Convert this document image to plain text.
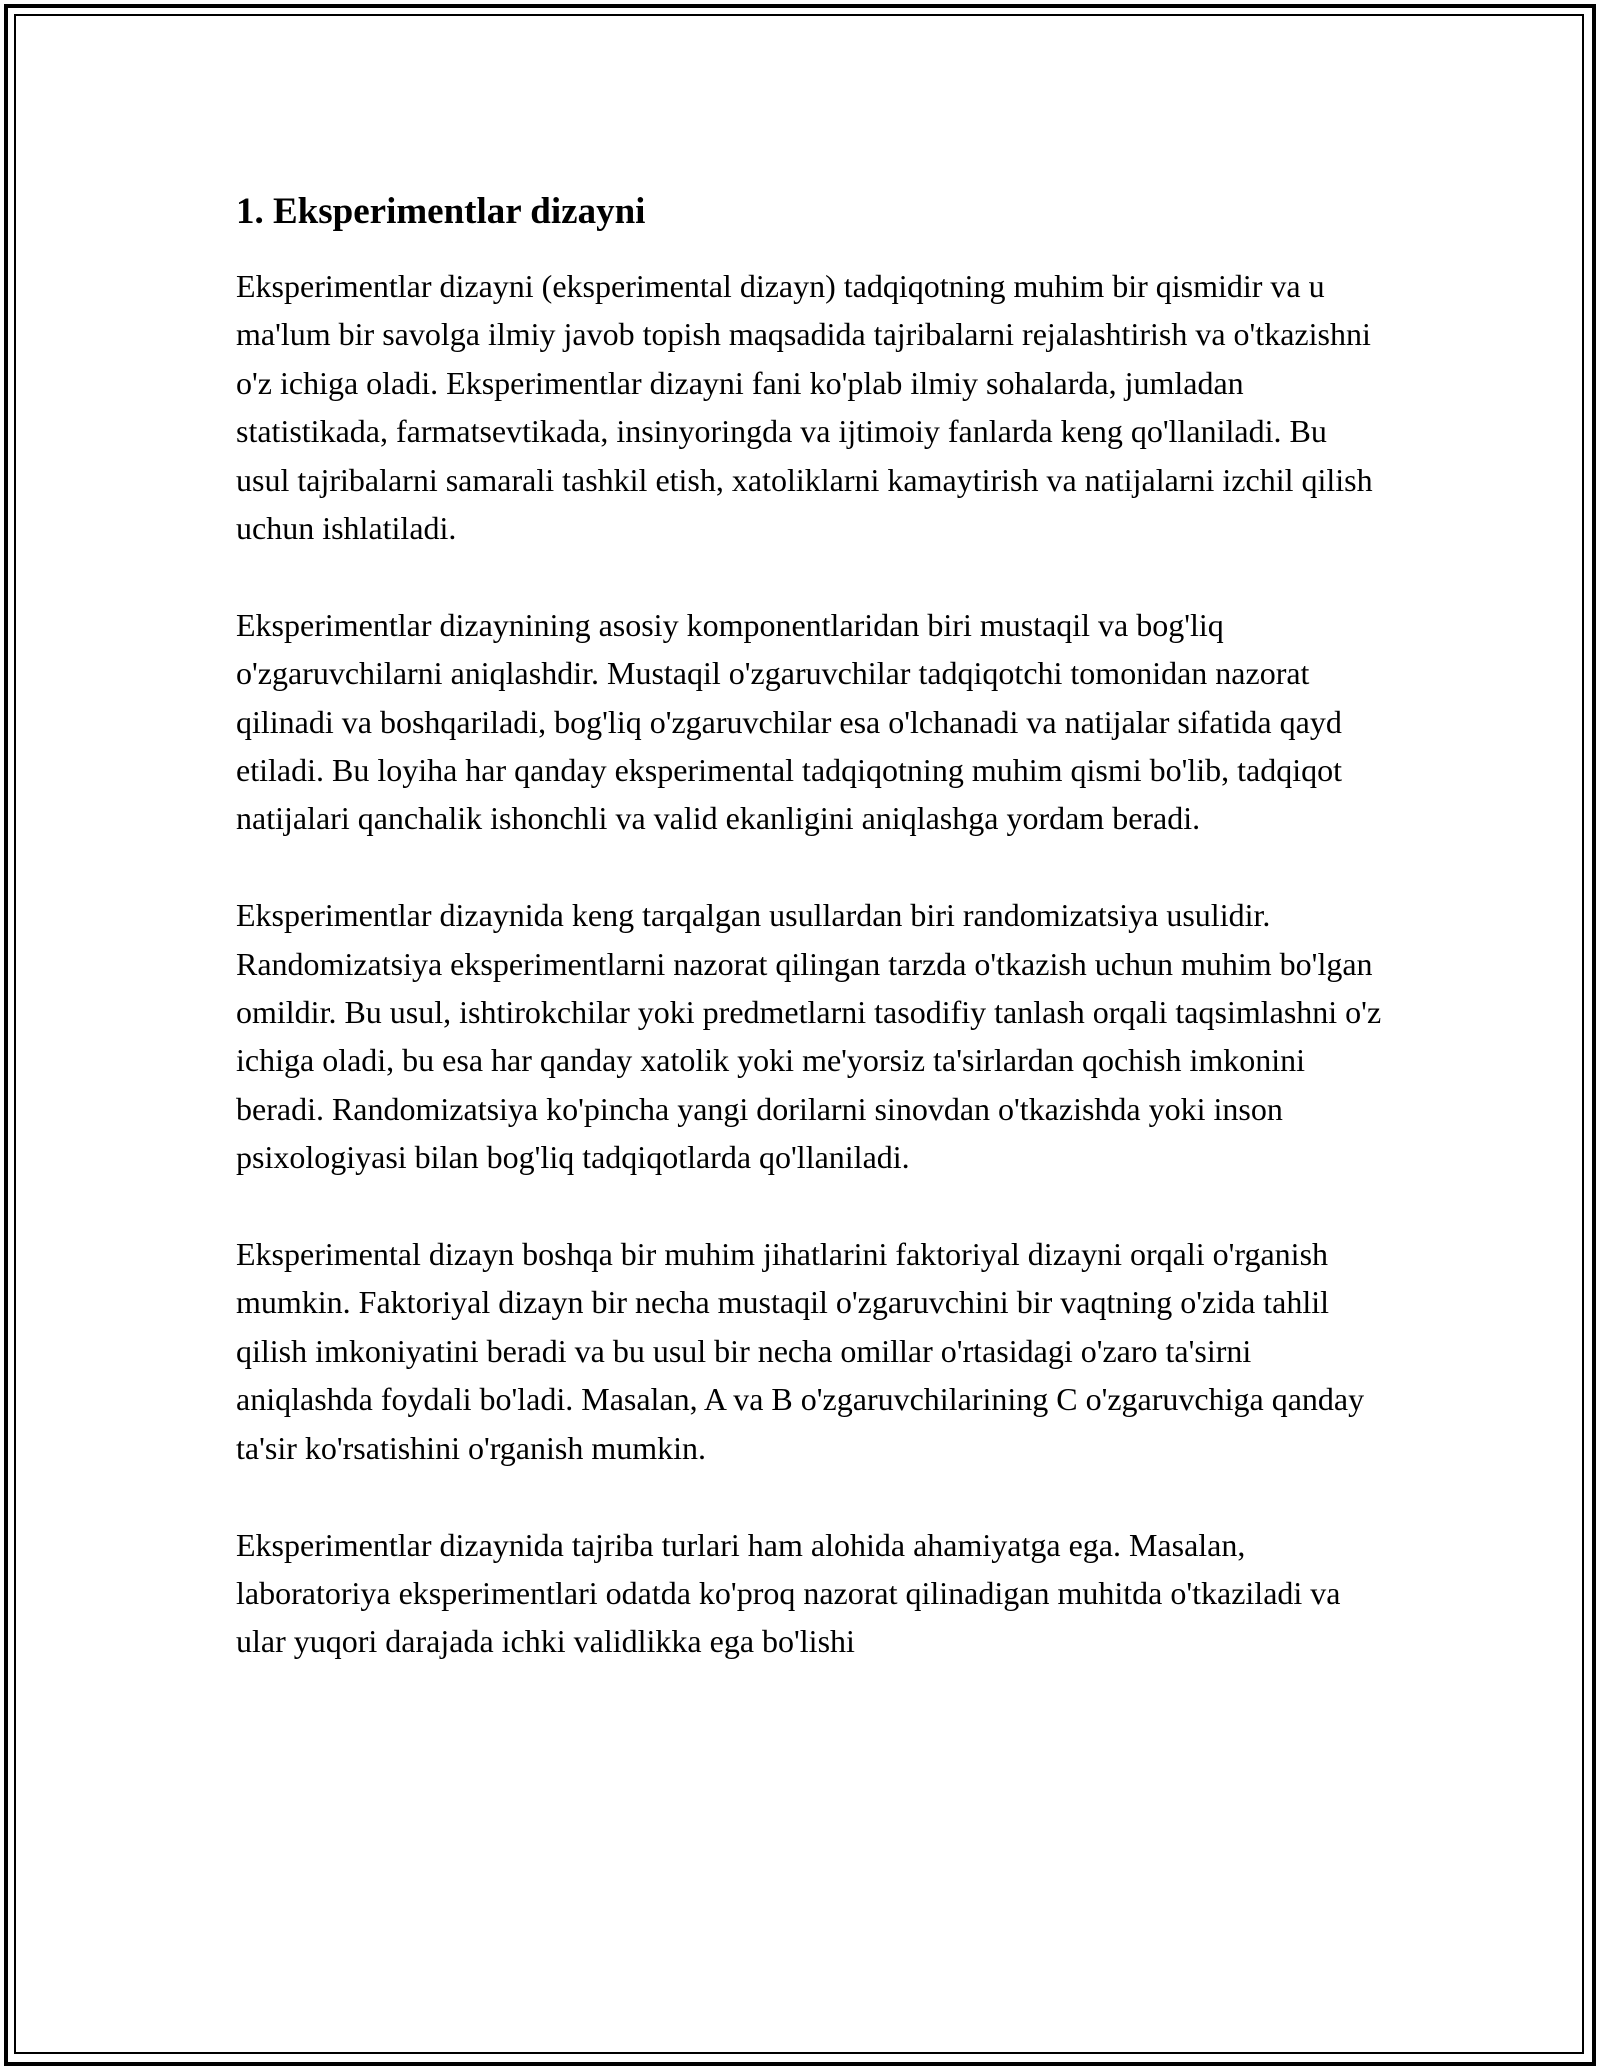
1. Eksperimentlar dizayni

Eksperimentlar dizayni (eksperimental dizayn) tadqiqotning muhim bir qismidir va u ma'lum bir savolga ilmiy javob topish maqsadida tajribalarni rejalashtirish va o'tkazishni o'z ichiga oladi. Eksperimentlar dizayni fani ko'plab ilmiy sohalarda, jumladan statistikada, farmatsevtikada, insinyoringda va ijtimoiy fanlarda keng qo'llaniladi. Bu usul tajribalarni samarali tashkil etish, xatoliklarni kamaytirish va natijalarni izchil qilish uchun ishlatiladi.

Eksperimentlar dizaynining asosiy komponentlaridan biri mustaqil va bog'liq o'zgaruvchilarni aniqlashdir. Mustaqil o'zgaruvchilar tadqiqotchi tomonidan nazorat qilinadi va boshqariladi, bog'liq o'zgaruvchilar esa o'lchanadi va natijalar sifatida qayd etiladi. Bu loyiha har qanday eksperimental tadqiqotning muhim qismi bo'lib, tadqiqot natijalari qanchalik ishonchli va valid ekanligini aniqlashga yordam beradi.

Eksperimentlar dizaynida keng tarqalgan usullardan biri randomizatsiya usulidir. Randomizatsiya eksperimentlarni nazorat qilingan tarzda o'tkazish uchun muhim bo'lgan omildir. Bu usul, ishtirokchilar yoki predmetlarni tasodifiy tanlash orqali taqsimlashni o'z ichiga oladi, bu esa har qanday xatolik yoki me'yorsiz ta'sirlardan qochish imkonini beradi. Randomizatsiya ko'pincha yangi dorilarni sinovdan o'tkazishda yoki inson psixologiyasi bilan bog'liq tadqiqotlarda qo'llaniladi.

Eksperimental dizayn boshqa bir muhim jihatlarini faktoriyal dizayni orqali o'rganish mumkin. Faktoriyal dizayn bir necha mustaqil o'zgaruvchini bir vaqtning o'zida tahlil qilish imkoniyatini beradi va bu usul bir necha omillar o'rtasidagi o'zaro ta'sirni aniqlashda foydali bo'ladi. Masalan, A va B o'zgaruvchilarining C o'zgaruvchiga qanday ta'sir ko'rsatishini o'rganish mumkin.

Eksperimentlar dizaynida tajriba turlari ham alohida ahamiyatga ega. Masalan, laboratoriya eksperimentlari odatda ko'proq nazorat qilinadigan muhitda o'tkaziladi va ular yuqori darajada ichki validlikka ega bo'lishi
